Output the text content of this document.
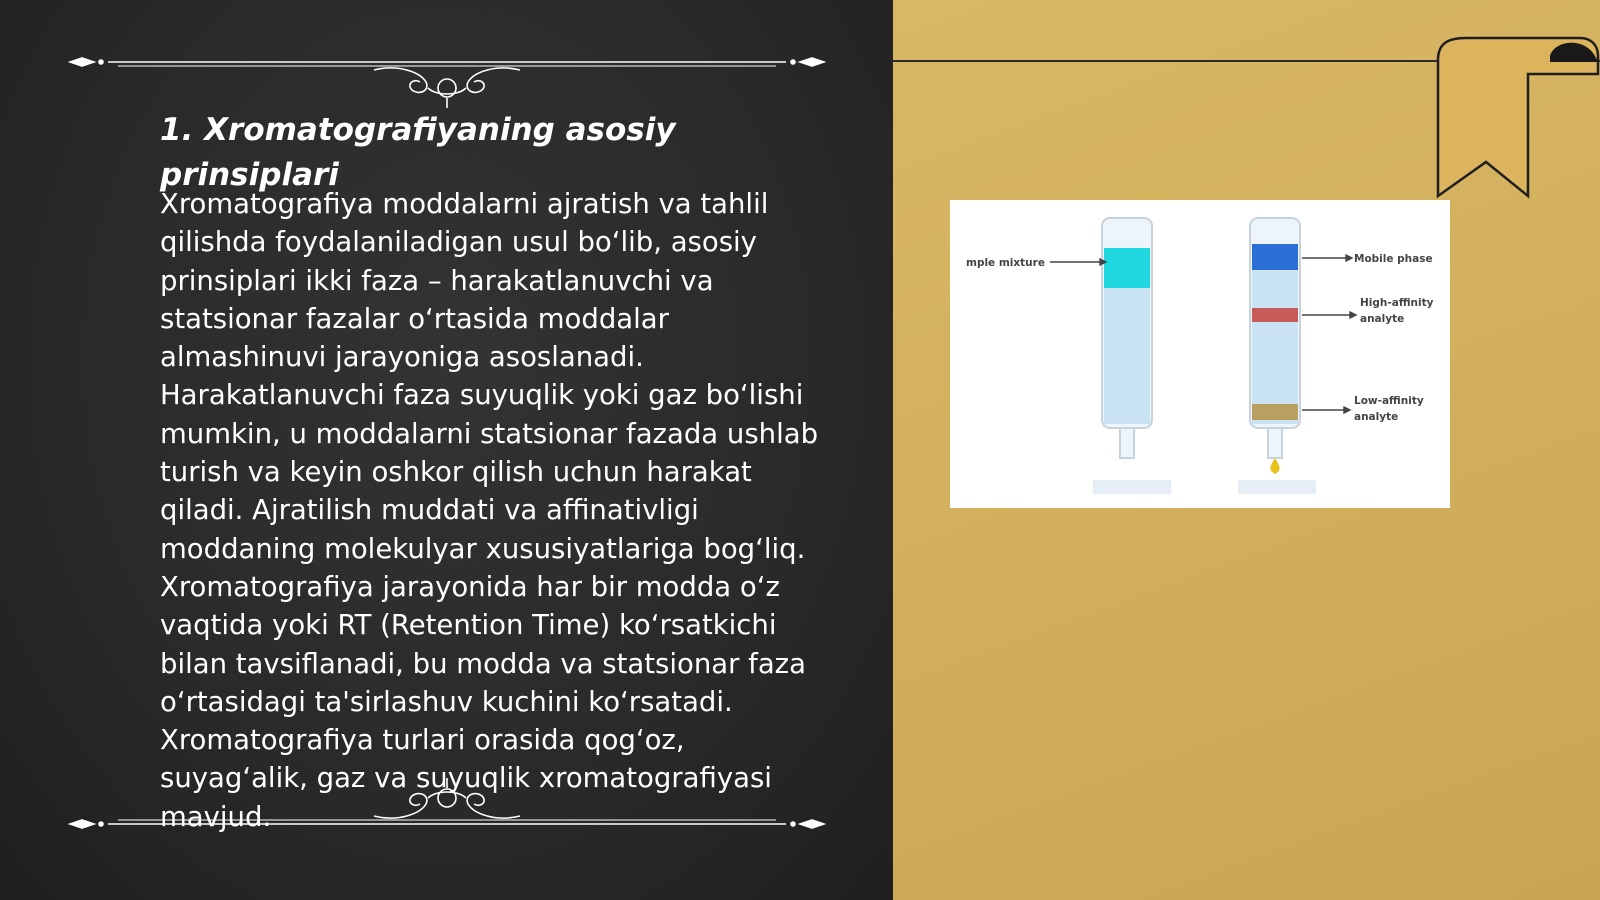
1. Xromatografiyaning asosiy prinsiplari

Xromatografiya moddalarni ajratish va tahlil qilishda foydalaniladigan usul bo‘lib, asosiy prinsiplari ikki faza – harakatlanuvchi va statsionar fazalar o‘rtasida moddalar almashinuvi jarayoniga asoslanadi. Harakatlanuvchi faza suyuqlik yoki gaz bo‘lishi mumkin, u moddalarni statsionar fazada ushlab turish va keyin oshkor qilish uchun harakat qiladi. Ajratilish muddati va affinativligi moddaning molekulyar xususiyatlariga bog‘liq. Xromatografiya jarayonida har bir modda o‘z vaqtida yoki RT (Retention Time) ko‘rsatkichi bilan tavsiflanadi, bu modda va statsionar faza o‘rtasidagi ta'sirlashuv kuchini ko‘rsatadi. Xromatografiya turlari orasida qog‘oz, suyag‘alik, gaz va suyuqlik xromatografiyasi mavjud.

mple mixture	Mobile phase
High-affinity
analyte
Low-affinity
analyte
